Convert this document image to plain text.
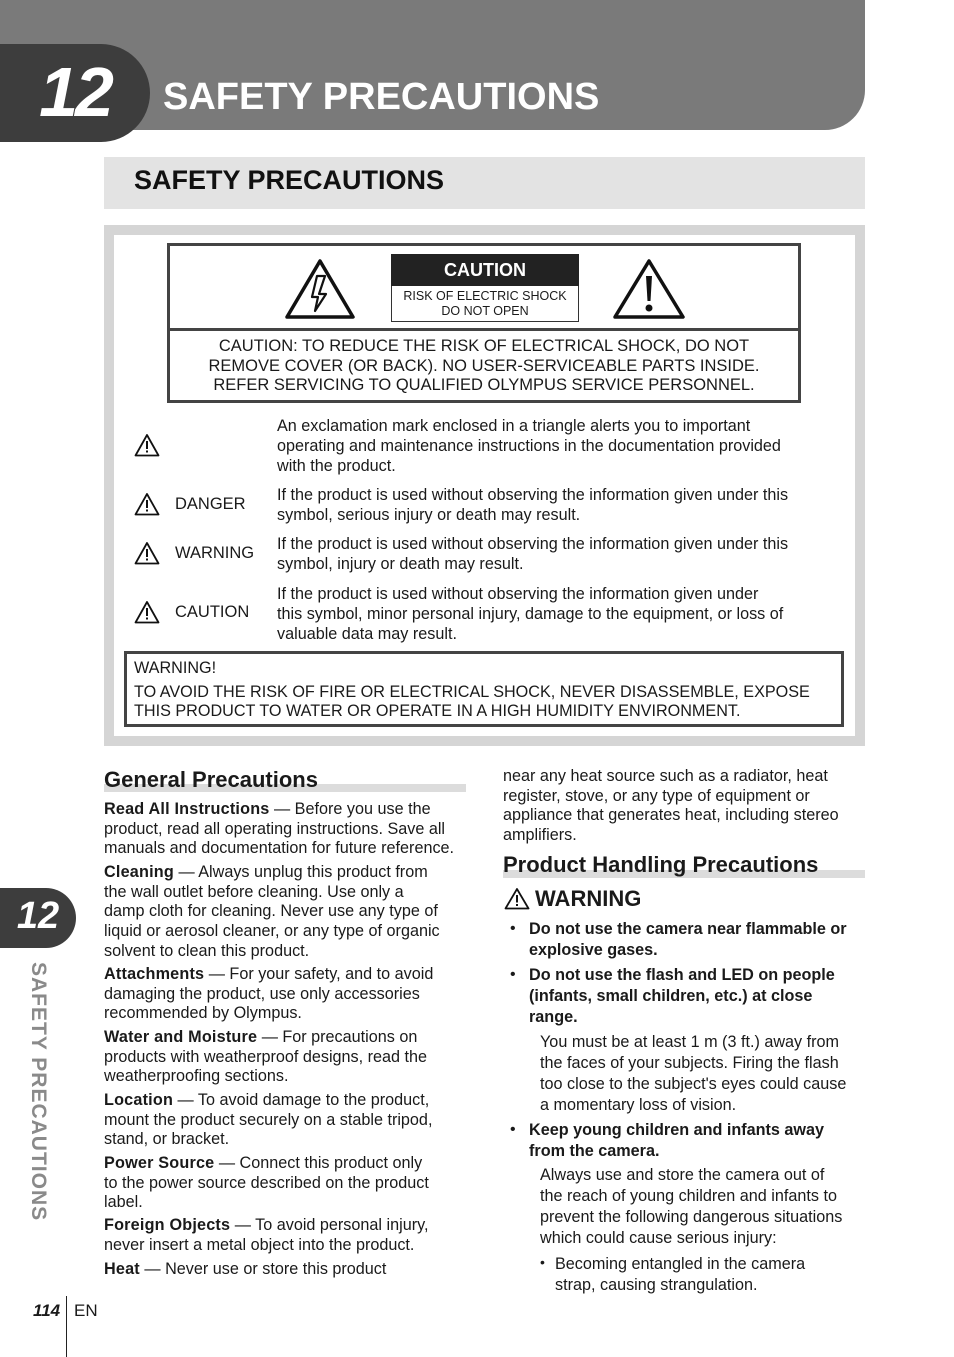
12	SAFETY PRECAUTIONS
SAFETY PRECAUTIONS
CAUTION
RISK OF ELECTRIC SHOCK
DO NOT OPEN
CAUTION: TO REDUCE THE RISK OF ELECTRICAL SHOCK, DO NOT
REMOVE COVER (OR BACK). NO USER-SERVICEABLE PARTS INSIDE.
REFER SERVICING TO QUALIFIED OLYMPUS SERVICE PERSONNEL.
An exclamation mark enclosed in a triangle alerts you to important
operating and maintenance instructions in the documentation provided
with the product.
DANGER If the product is used without observing the information given under this
symbol, serious injury or death may result.
WARNING If the product is used without observing the information given under this
symbol, injury or death may result.
CAUTION
If the product is used without observing the information given under
this symbol, minor personal injury, damage to the equipment, or loss of
valuable data may result.
WARNING!
TO AVOID THE RISK OF FIRE OR ELECTRICAL SHOCK, NEVER DISASSEMBLE, EXPOSE
THIS PRODUCT TO WATER OR OPERATE IN A HIGH HUMIDITY ENVIRONMENT.
General Precautions
Read All Instructions — Before you use the
product, read all operating instructions. Save all
manuals and documentation for future reference.
Cleaning — Always unplug this product from
the wall outlet before cleaning. Use only a
damp cloth for cleaning. Never use any type of
liquid or aerosol cleaner, or any type of organic
solvent to clean this product.
Attachments — For your safety, and to avoid
damaging the product, use only accessories
recommended by Olympus.
Water and Moisture — For precautions on
products with weatherproof designs, read the
weatherproofing sections.
Location — To avoid damage to the product,
mount the product securely on a stable tripod,
stand, or bracket.
Power Source — Connect this product only
to the power source described on the product
label.
Foreign Objects — To avoid personal injury,
never insert a metal object into the product.
Heat — Never use or store this product
near any heat source such as a radiator, heat
register, stove, or any type of equipment or
appliance that generates heat, including stereo
amplifiers.
Product Handling Precautions
WARNING
• Do not use the camera near flammable or
explosive gases.
• Do not use the flash and LED on people
(infants, small children, etc.) at close
range.
You must be at least 1 m (3 ft.) away from
the faces of your subjects. Firing the flash
too close to the subject's eyes could cause
a momentary loss of vision.
• Keep young children and infants away
from the camera.
Always use and store the camera out of
the reach of young children and infants to
prevent the following dangerous situations
which could cause serious injury:
• Becoming entangled in the camera
strap, causing strangulation.
12
SAFETY PRECAUTIONS
114 EN
